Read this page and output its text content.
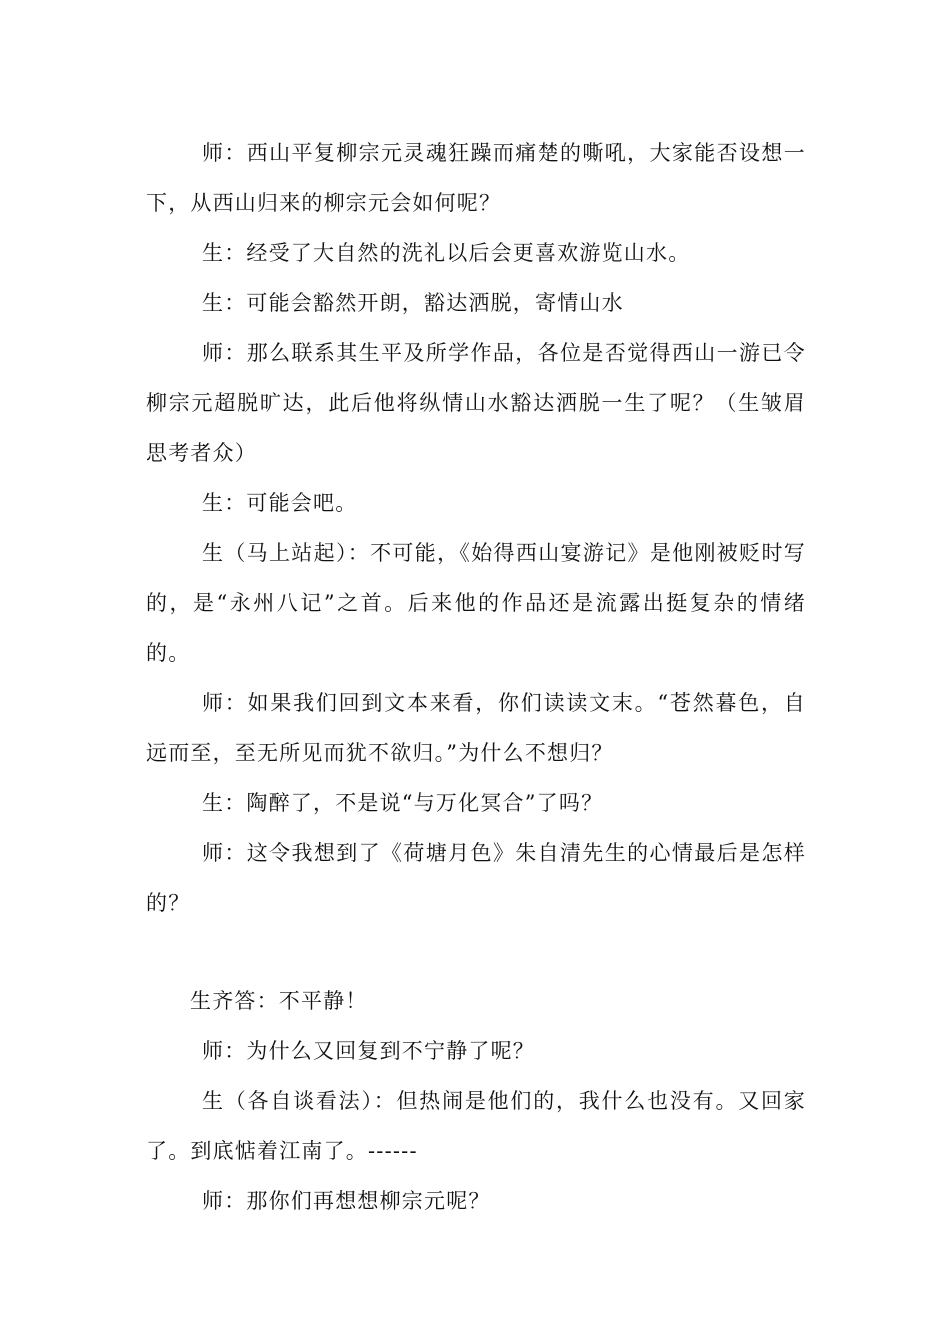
师：西山平复柳宗元灵魂狂躁而痛楚的嘶吼，大家能否设想一下，从西山归来的柳宗元会如何呢？

生：经受了大自然的洗礼以后会更喜欢游览山水。

生：可能会豁然开朗，豁达洒脱，寄情山水

师：那么联系其生平及所学作品，各位是否觉得西山一游已令柳宗元超脱旷达，此后他将纵情山水豁达洒脱一生了呢？（生皱眉思考者众）

生：可能会吧。

生（马上站起）：不可能，《始得西山宴游记》是他刚被贬时写的，是“永州八记”之首。后来他的作品还是流露出挺复杂的情绪的。

师：如果我们回到文本来看，你们读读文末。“苍然暮色，自远而至，至无所见而犹不欲归。”为什么不想归？

生：陶醉了，不是说“与万化冥合”了吗？

师：这令我想到了《荷塘月色》朱自清先生的心情最后是怎样的？

生齐答：不平静！

师：为什么又回复到不宁静了呢？

生（各自谈看法）：但热闹是他们的，我什么也没有。又回家了。到底惦着江南了。------

师：那你们再想想柳宗元呢？
